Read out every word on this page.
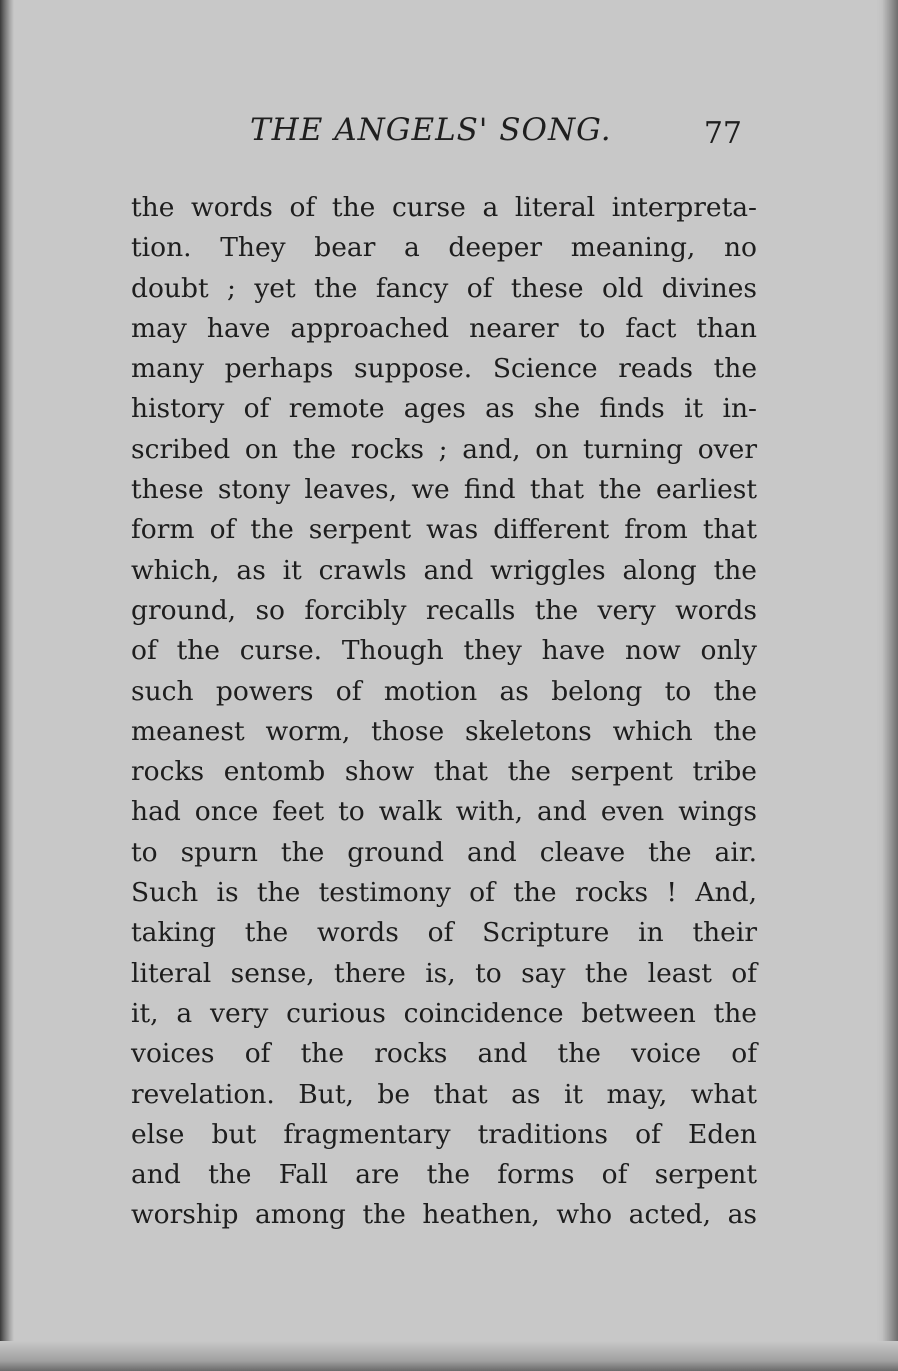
THE ANGELS' SONG.	77
the words of the curse a literal interpreta-
tion. They bear a deeper meaning, no
doubt ; yet the fancy of these old divines
may have approached nearer to fact than
many perhaps suppose. Science reads the
history of remote ages as she finds it in-
scribed on the rocks ; and, on turning over
these stony leaves, we find that the earliest
form of the serpent was different from that
which, as it crawls and wriggles along the
ground, so forcibly recalls the very words
of the curse. Though they have now only
such powers of motion as belong to the
meanest worm, those skeletons which the
rocks entomb show that the serpent tribe
had once feet to walk with, and even wings
to spurn the ground and cleave the air.
Such is the testimony of the rocks ! And,
taking the words of Scripture in their
literal sense, there is, to say the least of
it, a very curious coincidence between the
voices of the rocks and the voice of
revelation. But, be that as it may, what
else but fragmentary traditions of Eden
and the Fall are the forms of serpent
worship among the heathen, who acted, as
